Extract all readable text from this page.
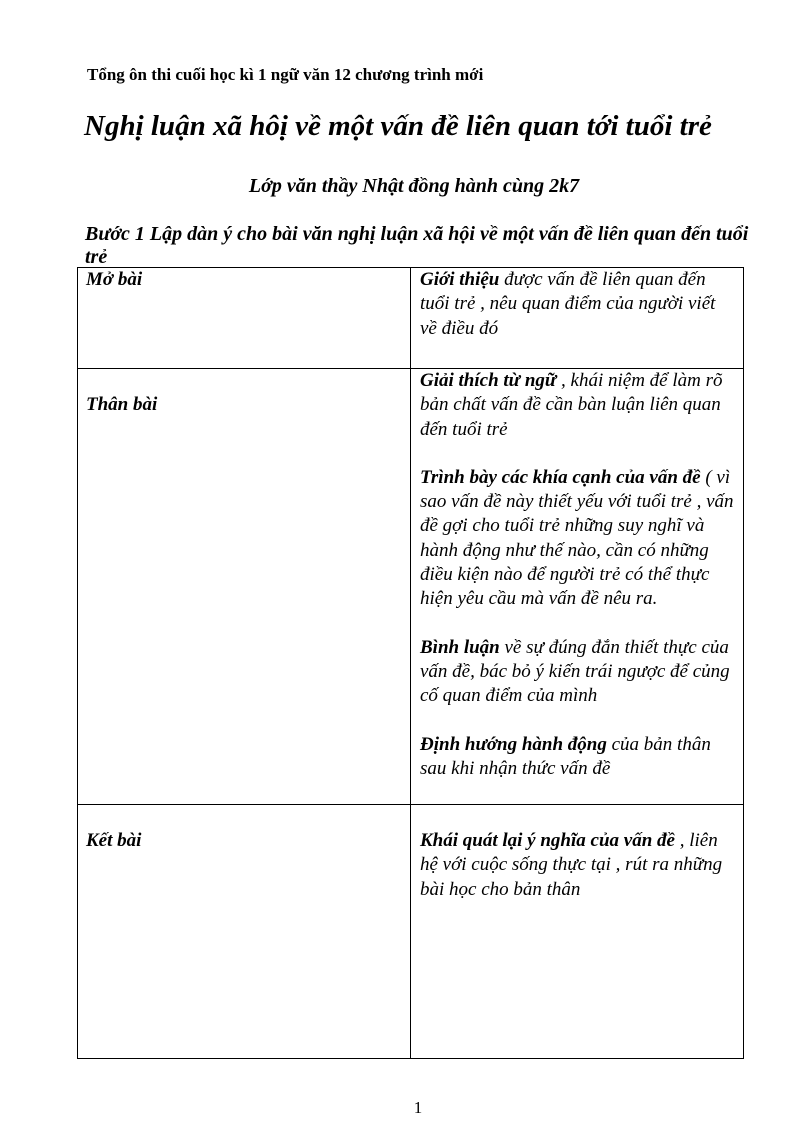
Tổng ôn thi cuối học kì 1 ngữ văn 12 chương trình mới
Nghị luận xã hôị về một vấn đề liên quan tới tuổi trẻ
Lớp văn thầy Nhật đồng hành cùng 2k7
Bước 1 Lập dàn ý cho bài văn nghị luận xã hội về một vấn đề liên quan đến tuổi trẻ
Mở bài	Giới thiệu được vấn đề liên quan đến tuổi trẻ , nêu quan điểm của người viết về điều đó

Thân bài	Giải thích từ ngữ , khái niệm để làm rõ bản chất vấn đề cần bàn luận liên quan đến tuổi trẻ

Trình bày các khía cạnh của vấn đề ( vì sao vấn đề này thiết yếu với tuổi trẻ , vấn đề gợi cho tuổi trẻ những suy nghĩ và hành động như thế nào, cần có những điều kiện nào để người trẻ có thể thực hiện yêu cầu mà vấn đề nêu ra.

Bình luận về sự đúng đắn thiết thực của vấn đề, bác bỏ ý kiến trái ngược để củng cố quan điểm của mình

Định hướng hành động của bản thân sau khi nhận thức vấn đề

Kết bài	Khái quát lại ý nghĩa của vấn đề , liên hệ với cuộc sống thực tại , rút ra những bài học cho bản thân

1
